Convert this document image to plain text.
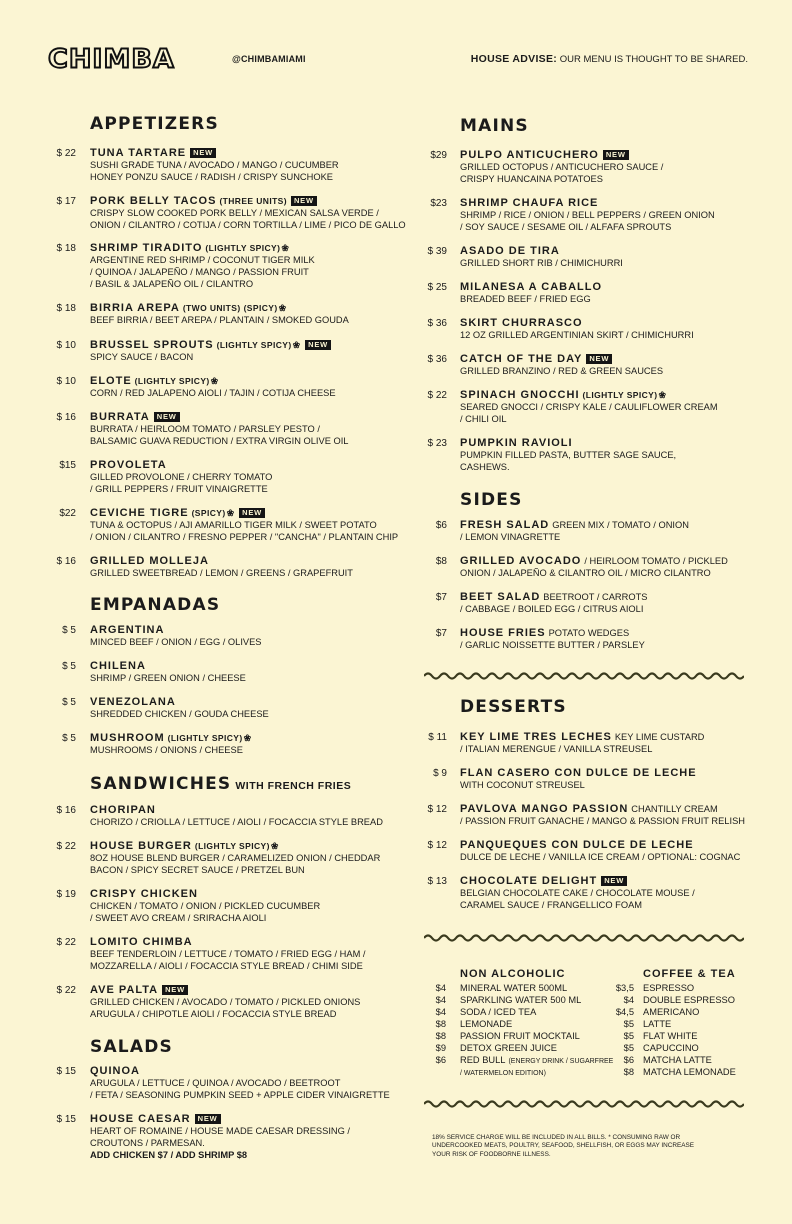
CHIMBA	@CHIMBAMIAMI	HOUSE ADVISE: OUR MENU IS THOUGHT TO BE SHARED.
APPETIZERS
$ 22 TUNA TARTARE NEW
SUSHI GRADE TUNA / AVOCADO / MANGO / CUCUMBER
HONEY PONZU SAUCE / RADISH / CRISPY SUNCHOKE
$ 17 PORK BELLY TACOS (THREE UNITS) NEW
CRISPY SLOW COOKED PORK BELLY / MEXICAN SALSA VERDE /
ONION / CILANTRO / COTIJA / CORN TORTILLA / LIME / PICO DE GALLO
$ 18 SHRIMP TIRADITO (LIGHTLY SPICY)❀
ARGENTINE RED SHRIMP / COCONUT TIGER MILK
/ QUINOA / JALAPEÑO / MANGO / PASSION FRUIT
/ BASIL & JALAPEÑO OIL / CILANTRO
$ 18 BIRRIA AREPA (TWO UNITS) (SPICY)❀
BEEF BIRRIA / BEET AREPA / PLANTAIN / SMOKED GOUDA
$ 10 BRUSSEL SPROUTS (LIGHTLY SPICY)❀ NEW
SPICY SAUCE / BACON
$ 10 ELOTE (LIGHTLY SPICY)❀
CORN / RED JALAPENO AIOLI / TAJIN / COTIJA CHEESE
$ 16 BURRATA NEW
BURRATA / HEIRLOOM TOMATO / PARSLEY PESTO /
BALSAMIC GUAVA REDUCTION / EXTRA VIRGIN OLIVE OIL
$15 PROVOLETA
GILLED PROVOLONE / CHERRY TOMATO
/ GRILL PEPPERS / FRUIT VINAIGRETTE
$22 CEVICHE TIGRE (SPICY)❀ NEW
TUNA & OCTOPUS / AJI AMARILLO TIGER MILK / SWEET POTATO
/ ONION / CILANTRO / FRESNO PEPPER / "CANCHA" / PLANTAIN CHIP
$ 16 GRILLED MOLLEJA
GRILLED SWEETBREAD / LEMON / GREENS / GRAPEFRUIT
$ 5 ARGENTINA
MINCED BEEF / ONION / EGG / OLIVES
$ 5 CHILENA
SHRIMP / GREEN ONION / CHEESE
$ 5 VENEZOLANA
SHREDDED CHICKEN / GOUDA CHEESE
$ 5 MUSHROOM (LIGHTLY SPICY)❀
MUSHROOMS / ONIONS / CHEESE
$ 16 CHORIPAN
CHORIZO / CRIOLLA / LETTUCE / AIOLI / FOCACCIA STYLE BREAD
$ 22 HOUSE BURGER (LIGHTLY SPICY)❀
8OZ HOUSE BLEND BURGER / CARAMELIZED ONION / CHEDDAR
BACON / SPICY SECRET SAUCE / PRETZEL BUN
$ 19 CRISPY CHICKEN
CHICKEN / TOMATO / ONION / PICKLED CUCUMBER
/ SWEET AVO CREAM / SRIRACHA AIOLI
$ 22 LOMITO CHIMBA
BEEF TENDERLOIN / LETTUCE / TOMATO / FRIED EGG / HAM /
MOZZARELLA / AIOLI / FOCACCIA STYLE BREAD / CHIMI SIDE
$ 22 AVE PALTA NEW
GRILLED CHICKEN / AVOCADO / TOMATO / PICKLED ONIONS
ARUGULA / CHIPOTLE AIOLI / FOCACCIA STYLE BREAD
$ 15 QUINOA
ARUGULA / LETTUCE / QUINOA / AVOCADO / BEETROOT
/ FETA / SEASONING PUMPKIN SEED + APPLE CIDER VINAIGRETTE
$ 15 HOUSE CAESAR NEW
HEART OF ROMAINE / HOUSE MADE CAESAR DRESSING /
CROUTONS / PARMESAN.
ADD CHICKEN $7 / ADD SHRIMP $8
MAINS
SIDES
DESSERTS
EMPANADAS
SANDWICHES WITH FRENCH FRIES
SALADS
$29 PULPO ANTICUCHERO NEW
GRILLED OCTOPUS / ANTICUCHERO SAUCE /
CRISPY HUANCAINA POTATOES
$23 SHRIMP CHAUFA RICE
SHRIMP / RICE / ONION / BELL PEPPERS / GREEN ONION
/ SOY SAUCE / SESAME OIL / ALFAFA SPROUTS
$ 39 ASADO DE TIRA
GRILLED SHORT RIB / CHIMICHURRI
$ 25 MILANESA A CABALLO
BREADED BEEF / FRIED EGG
$ 36 SKIRT CHURRASCO
12 OZ GRILLED ARGENTINIAN SKIRT / CHIMICHURRI
$ 36 CATCH OF THE DAY NEW
GRILLED BRANZINO / RED & GREEN SAUCES
$ 22 SPINACH GNOCCHI (LIGHTLY SPICY)❀
SEARED GNOCCI / CRISPY KALE / CAULIFLOWER CREAM
/ CHILI OIL
$ 23 PUMPKIN RAVIOLI
PUMPKIN FILLED PASTA, BUTTER SAGE SAUCE,
CASHEWS.
$6 FRESH SALAD GREEN MIX / TOMATO / ONION
/ LEMON VINAGRETTE
$8 GRILLED AVOCADO / HEIRLOOM TOMATO / PICKLED
ONION / JALAPEÑO & CILANTRO OIL / MICRO CILANTRO
$7 BEET SALAD BEETROOT / CARROTS
/ CABBAGE / BOILED EGG / CITRUS AIOLI
$7 HOUSE FRIES POTATO WEDGES
/ GARLIC NOISSETTE BUTTER / PARSLEY
$ 11 KEY LIME TRES LECHES KEY LIME CUSTARD
/ ITALIAN MERENGUE / VANILLA STREUSEL
$ 9 FLAN CASERO CON DULCE DE LECHE
WITH COCONUT STREUSEL
$ 12 PAVLOVA MANGO PASSION CHANTILLY CREAM
/ PASSION FRUIT GANACHE / MANGO & PASSION FRUIT RELISH
$ 12 PANQUEQUES CON DULCE DE LECHE
DULCE DE LECHE / VANILLA ICE CREAM / OPTIONAL: COGNAC
$ 13 CHOCOLATE DELIGHT NEW
BELGIAN CHOCOLATE CAKE / CHOCOLATE MOUSE /
CARAMEL SAUCE / FRANGELLICO FOAM
NON ALCOHOLIC	COFFEE & TEA
$4 MINERAL WATER 500ML
$4 SPARKLING WATER 500 ML
$4 SODA / ICED TEA
$8 LEMONADE
$8 PASSION FRUIT MOCKTAIL
$9 DETOX GREEN JUICE
$6 RED BULL (ENERGY DRINK / SUGARFREE
/ WATERMELON EDITION)
$3,5 ESPRESSO
$4 DOUBLE ESPRESSO
$4,5 AMERICANO
$5 LATTE
$5 FLAT WHITE
$5 CAPUCCINO
$6 MATCHA LATTE
$8 MATCHA LEMONADE
18% SERVICE CHARGE WILL BE INCLUDED IN ALL BILLS. * CONSUMING RAW OR
UNDERCOOKED MEATS, POULTRY, SEAFOOD, SHELLFISH, OR EGGS MAY INCREASE
YOUR RISK OF FOODBORNE ILLNESS.
